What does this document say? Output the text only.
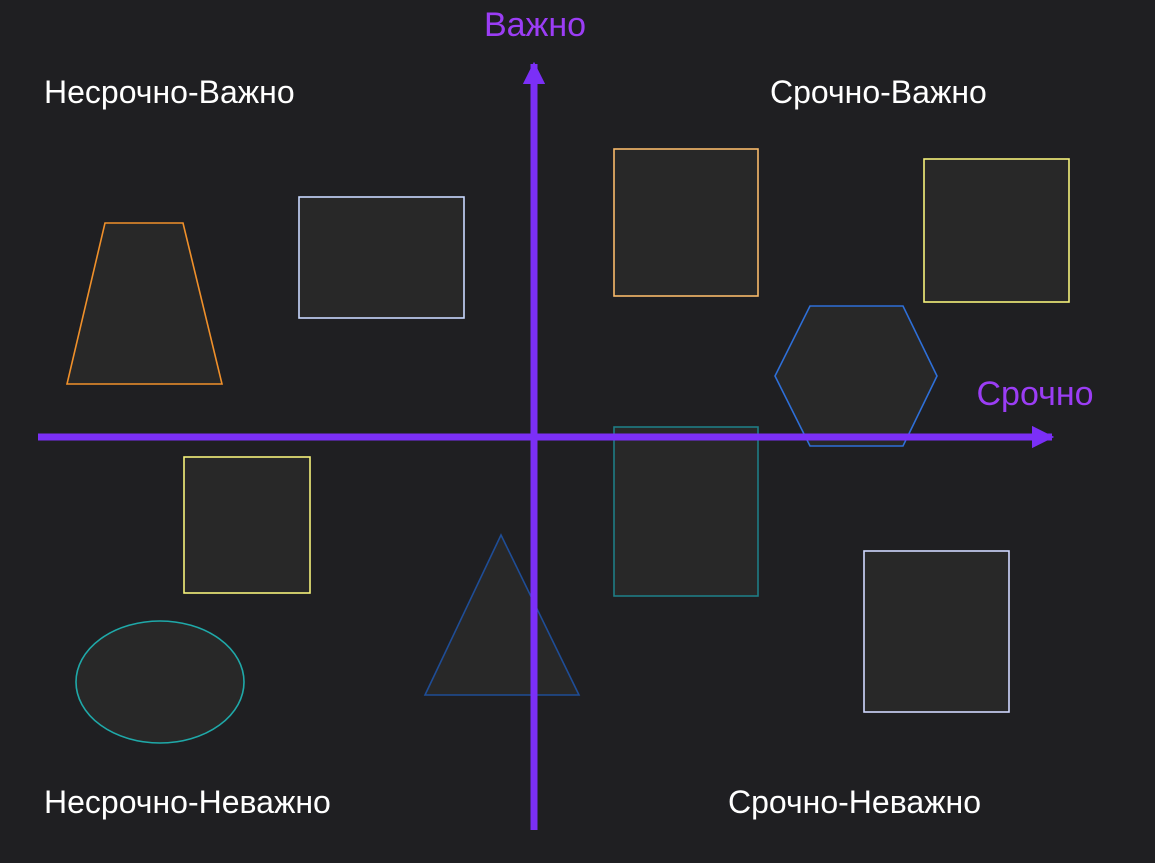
Важно
Срочно
Несрочно-Важно	Срочно-Важно
Несрочно-Неважно	Срочно-Неважно
